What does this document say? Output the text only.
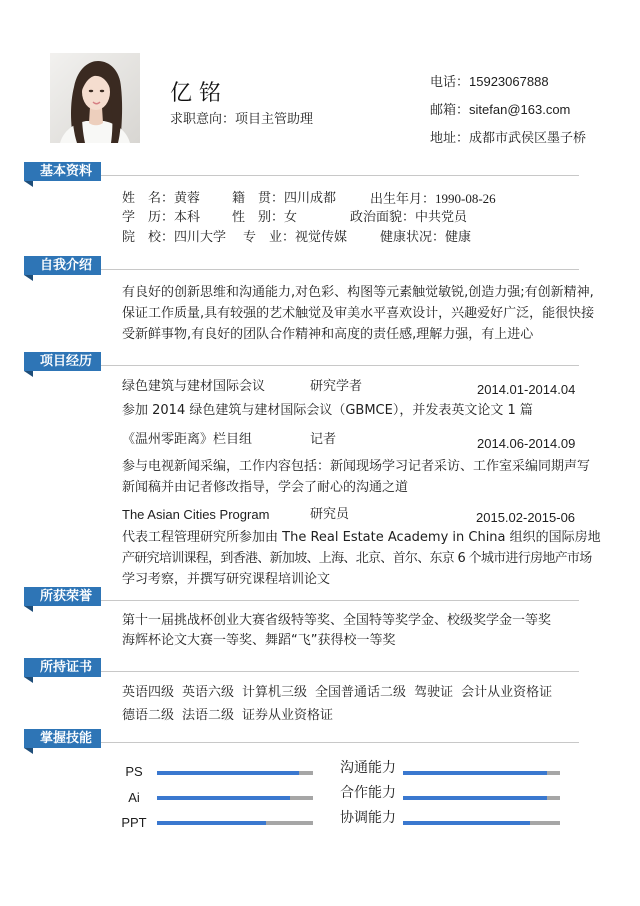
亿 铭
求职意向：项目主管助理
电话：15923067888
邮箱：sitefan@163.com
地址：成都市武侯区墨子桥
基本资料
姓　名：黄蓉 籍　贯：四川成都	出生年月：1990-08-26
学　历：本科 性　别：女	政治面貌：中共党员
院　校：四川大学 专　业：视觉传媒	健康状况：健康
自我介绍
有良好的创新思维和沟通能力,对色彩、构图等元素触觉敏锐,创造力强;有创新精神,
保证工作质量,具有较强的艺术触觉及审美水平喜欢设计，兴趣爱好广泛，能很快接
受新鲜事物,有良好的团队合作精神和高度的责任感,理解力强，有上进心
项目经历
绿色建筑与建材国际会议	研究学者	2014.01-2014.04
参加 2014 绿色建筑与建材国际会议（GBMCE），并发表英文论文 1 篇
《温州零距离》栏目组	记者	2014.06-2014.09
参与电视新闻采编，工作内容包括：新闻现场学习记者采访、工作室采编同期声写
新闻稿并由记者修改指导，学会了耐心的沟通之道
The Asian Cities Program	研究员	2015.02-2015-06
代表工程管理研究所参加由 The Real Estate Academy in China 组织的国际房地
产研究培训课程，到香港、新加坡、上海、北京、首尔、东京 6 个城市进行房地产市场
学习考察，并撰写研究课程培训论文
所获荣誉
第十一届挑战杯创业大赛省级特等奖、全国特等奖学金、校级奖学金一等奖
海辉杯论文大赛一等奖、舞蹈“飞”获得校一等奖
所持证书
英语四级 英语六级 计算机三级 全国普通话二级 驾驶证 会计从业资格证
德语二级 法语二级 证券从业资格证
掌握技能
PS
Ai
PPT
沟通能力
合作能力
协调能力
